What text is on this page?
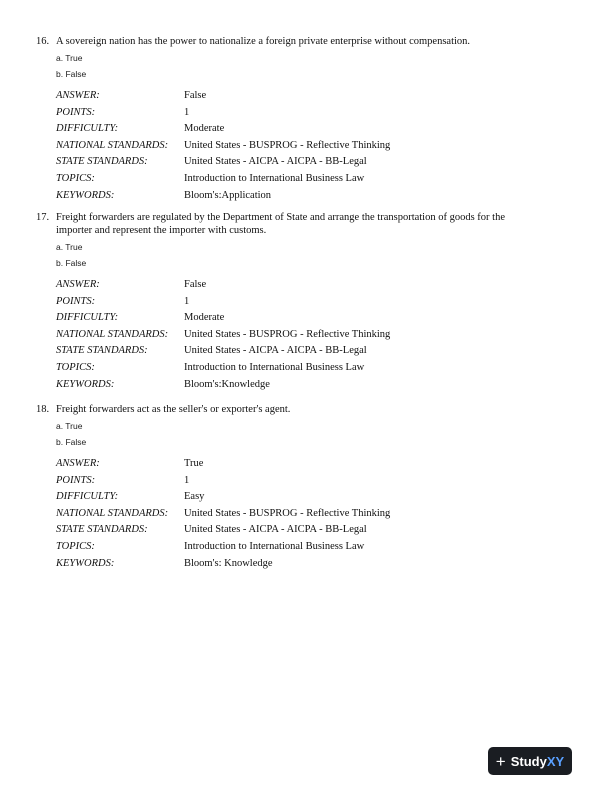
16. A sovereign nation has the power to nationalize a foreign private enterprise without compensation.
a. True
b. False
ANSWER:	False
POINTS:	1
DIFFICULTY:	Moderate
NATIONAL STANDARDS:	United States - BUSPROG - Reflective Thinking
STATE STANDARDS:	United States - AICPA - AICPA - BB-Legal
TOPICS:	Introduction to International Business Law
KEYWORDS:	Bloom's:Application
17. Freight forwarders are regulated by the Department of State and arrange the transportation of goods for the
importer and represent the importer with customs.
a. True
b. False
ANSWER:	False
POINTS:	1
DIFFICULTY:	Moderate
NATIONAL STANDARDS:	United States - BUSPROG - Reflective Thinking
STATE STANDARDS:	United States - AICPA - AICPA - BB-Legal
TOPICS:	Introduction to International Business Law
KEYWORDS:	Bloom's:Knowledge
18. Freight forwarders act as the seller's or exporter's agent.
a. True
b. False
ANSWER:	True
POINTS:	1
DIFFICULTY:	Easy
NATIONAL STANDARDS:	United States - BUSPROG - Reflective Thinking
STATE STANDARDS:	United States - AICPA - AICPA - BB-Legal
TOPICS:	Introduction to International Business Law
KEYWORDS:	Bloom's: Knowledge
+ Study XY
